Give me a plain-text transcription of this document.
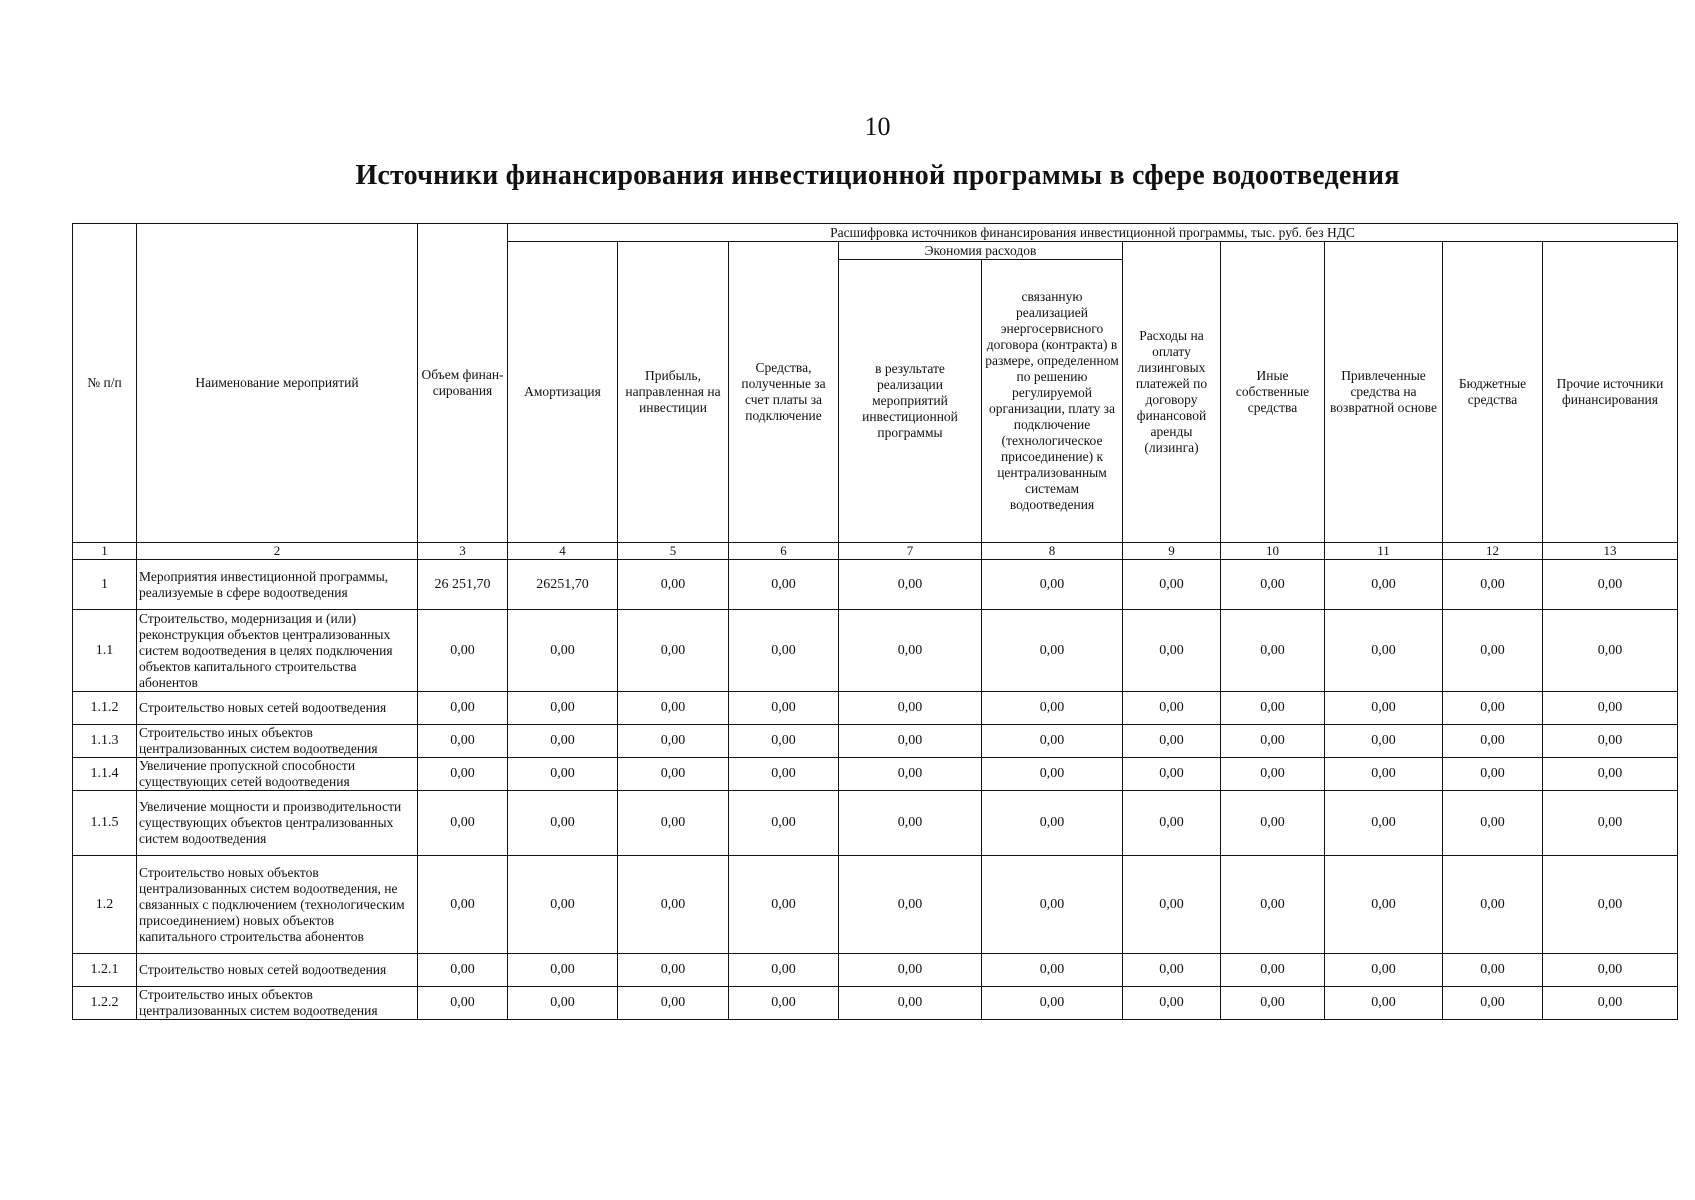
10
Источники финансирования инвестиционной программы в сфере водоотведения
№ п/п	Наименование мероприятий	Объем финан-сирования	Расшифровка источников финансирования инвестиционной программы, тыс. руб. без НДС									
			Амортизация	Прибыль, направленная на инвестиции	Средства, полученные за счет платы за подключение	Экономия расходов		Расходы на оплату лизинговых платежей по договору финансовой аренды (лизинга)	Иные собственные средства	Привлеченные средства на возвратной основе	Бюджетные средства	Прочие источники финансирования
						в результате реализации мероприятий инвестиционной программы	связанную реализацией энергосервисного договора (контракта) в размере, определенном по решению регулируемой организации, плату за подключение (технологическое присоединение) к централизованным системам водоотведения					
1	2	3	4	5	6	7	8	9	10	11	12	13
1	Мероприятия инвестиционной программы, реализуемые в сфере водоотведения	26 251,70	26251,70	0,00	0,00	0,00	0,00	0,00	0,00	0,00	0,00	0,00
1.1	Строительство, модернизация и (или) реконструкция объектов централизованных систем водоотведения в целях подключения объектов капитального строительства абонентов	0,00	0,00	0,00	0,00	0,00	0,00	0,00	0,00	0,00	0,00	0,00
1.1.2	Строительство новых сетей водоотведения	0,00	0,00	0,00	0,00	0,00	0,00	0,00	0,00	0,00	0,00	0,00
1.1.3	Строительство иных объектов централизованных систем водоотведения	0,00	0,00	0,00	0,00	0,00	0,00	0,00	0,00	0,00	0,00	0,00
1.1.4	Увеличение пропускной способности существующих сетей водоотведения	0,00	0,00	0,00	0,00	0,00	0,00	0,00	0,00	0,00	0,00	0,00
1.1.5	Увеличение мощности и производительности существующих объектов централизованных систем водоотведения	0,00	0,00	0,00	0,00	0,00	0,00	0,00	0,00	0,00	0,00	0,00
1.2	Строительство новых объектов централизованных систем водоотведения, не связанных с подключением (технологическим присоединением) новых объектов капитального строительства абонентов	0,00	0,00	0,00	0,00	0,00	0,00	0,00	0,00	0,00	0,00	0,00
1.2.1	Строительство новых сетей водоотведения	0,00	0,00	0,00	0,00	0,00	0,00	0,00	0,00	0,00	0,00	0,00
1.2.2	Строительство иных объектов централизованных систем водоотведения	0,00	0,00	0,00	0,00	0,00	0,00	0,00	0,00	0,00	0,00	0,00
